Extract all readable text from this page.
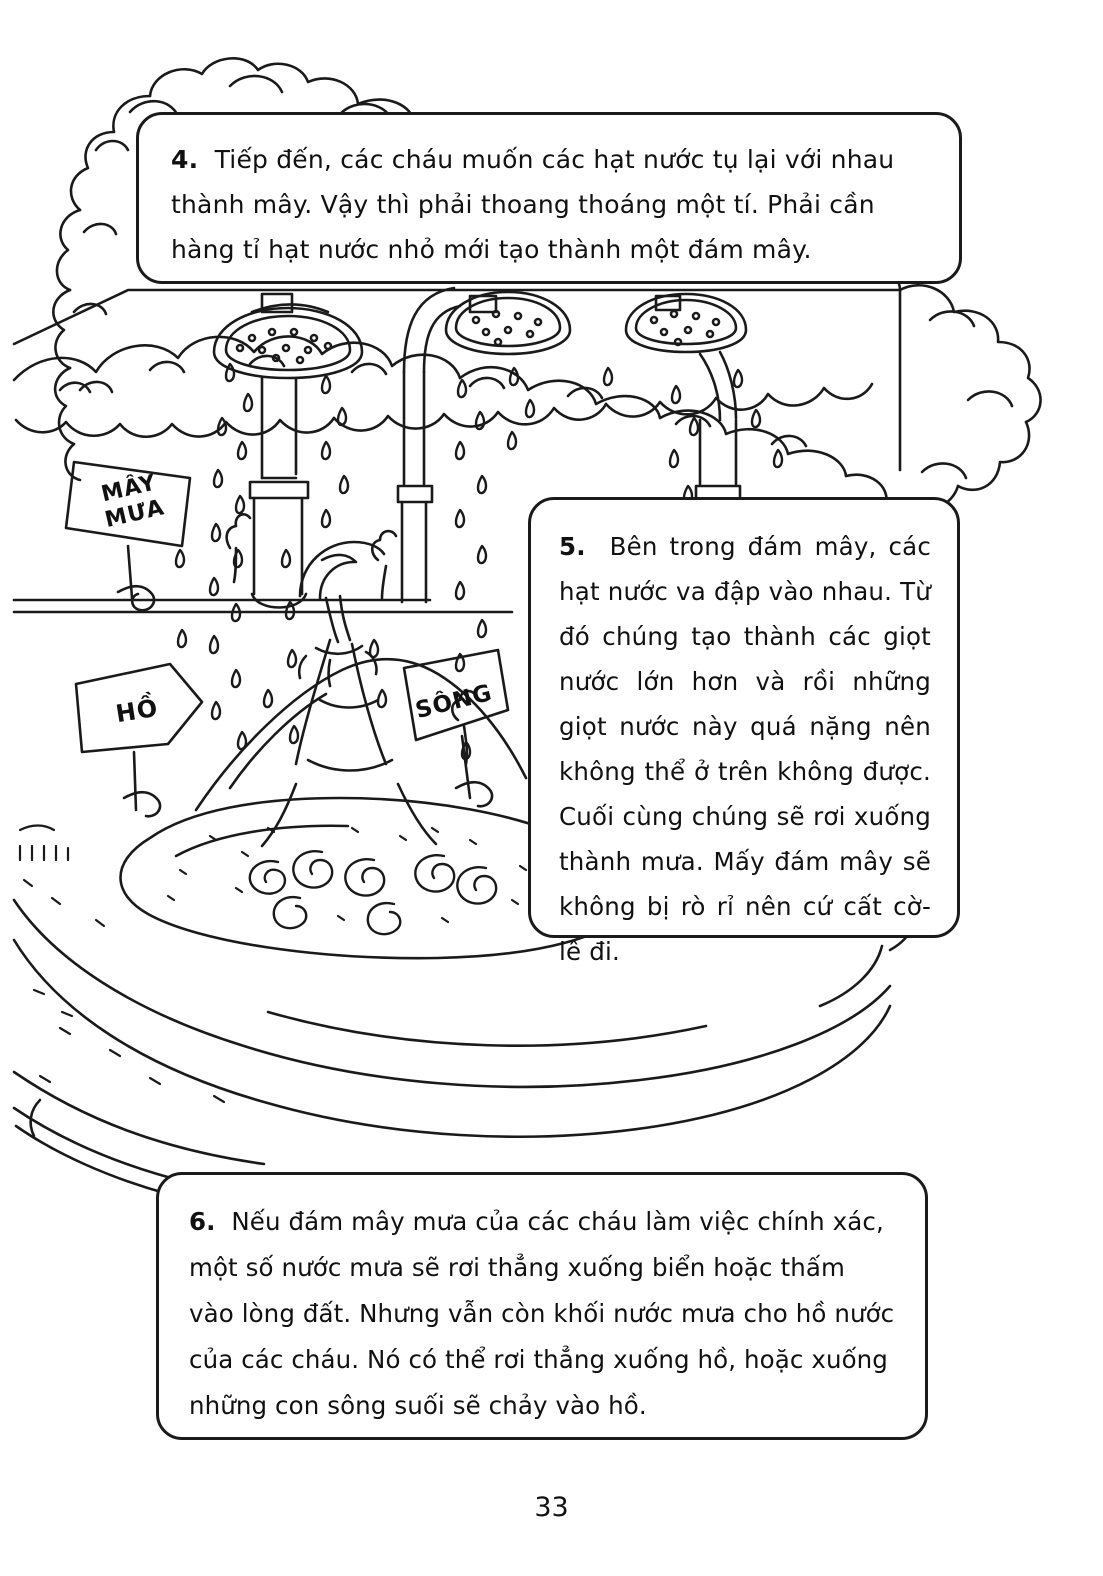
MÂY
MƯA
HỒ	SÔNG

4. Tiếp đến, các cháu muốn các hạt nước tụ lại với nhau thành mây. Vậy thì phải thoang thoáng một tí. Phải cần hàng tỉ hạt nước nhỏ mới tạo thành một đám mây.

5. Bên trong đám mây, các hạt nước va đập vào nhau. Từ đó chúng tạo thành các giọt nước lớn hơn và rồi những giọt nước này quá nặng nên không thể ở trên không được. Cuối cùng chúng sẽ rơi xuống thành mưa. Mấy đám mây sẽ không bị rò rỉ nên cứ cất cờ-lê đi.

6. Nếu đám mây mưa của các cháu làm việc chính xác, một số nước mưa sẽ rơi thẳng xuống biển hoặc thấm vào lòng đất. Nhưng vẫn còn khối nước mưa cho hồ nước của các cháu. Nó có thể rơi thẳng xuống hồ, hoặc xuống những con sông suối sẽ chảy vào hồ.

33
